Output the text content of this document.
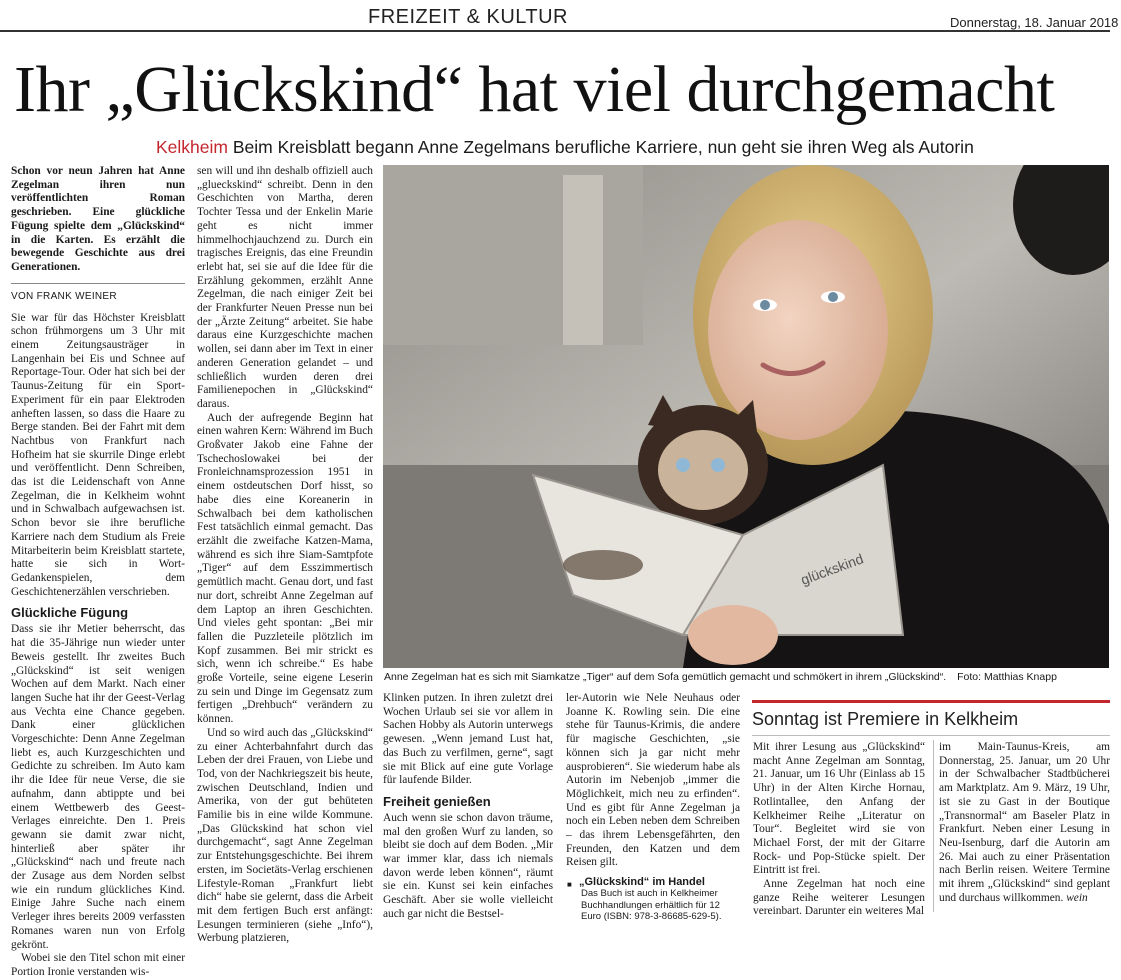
FREIZEIT & KULTUR	Donnerstag, 18. Januar 2018
Ihr „Glückskind“ hat viel durchgemacht
Kelkheim Beim Kreisblatt begann Anne Zegelmans berufliche Karriere, nun geht sie ihren Weg als Autorin

Schon vor neun Jahren hat Anne Zegelman ihren nun veröffentlichten Roman geschrieben. Eine glückliche Fügung spielte dem „Glückskind“ in die Karten. Es erzählt die bewegende Geschichte aus drei Generationen.

VON FRANK WEINER

Sie war für das Höchster Kreisblatt schon frühmorgens um 3 Uhr mit einem Zeitungsausträger in Langenhain bei Eis und Schnee auf Reportage-Tour. Oder hat sich bei der Taunus-Zeitung für ein Sport-Experiment für ein paar Elektroden anheften lassen, so dass die Haare zu Berge standen. Bei der Fahrt mit dem Nachtbus von Frankfurt nach Hofheim hat sie skurrile Dinge erlebt und veröffentlicht. Denn Schreiben, das ist die Leidenschaft von Anne Zegelman, die in Kelkheim wohnt und in Schwalbach aufgewachsen ist. Schon bevor sie ihre berufliche Karriere nach dem Studium als Freie Mitarbeiterin beim Kreisblatt startete, hatte sie sich in Wort-Gedankenspielen, dem Geschichtenerzählen verschrieben.

Glückliche Fügung

Dass sie ihr Metier beherrscht, das hat die 35-Jährige nun wieder unter Beweis gestellt. Ihr zweites Buch „Glückskind“ ist seit wenigen Wochen auf dem Markt. Nach einer langen Suche hat ihr der Geest-Verlag aus Vechta eine Chance gegeben. Dank einer glücklichen Vorgeschichte: Denn Anne Zegelman liebt es, auch Kurzgeschichten und Gedichte zu schreiben. Im Auto kam ihr die Idee für neue Verse, die sie aufnahm, dann abtippte und bei einem Wettbewerb des Geest-Verlages einreichte. Den 1. Preis gewann sie damit zwar nicht, hinterließ aber später ihr „Glückskind“ nach und freute nach der Zusage aus dem Norden selbst wie ein rundum glückliches Kind. Einige Jahre Suche nach einem Verleger ihres bereits 2009 verfassten Romanes waren nun von Erfolg gekrönt.

Wobei sie den Titel schon mit einer Portion Ironie verstanden wis-

sen will und ihn deshalb offiziell auch „glueckskind“ schreibt. Denn in den Geschichten von Martha, deren Tochter Tessa und der Enkelin Marie geht es nicht immer himmelhochjauchzend zu. Durch ein tragisches Ereignis, das eine Freundin erlebt hat, sei sie auf die Idee für die Erzählung gekommen, erzählt Anne Zegelman, die nach einiger Zeit bei der Frankfurter Neuen Presse nun bei der „Ärzte Zeitung“ arbeitet. Sie habe daraus eine Kurzgeschichte machen wollen, sei dann aber im Text in einer anderen Generation gelandet – und schließlich wurden deren drei Familienepochen in „Glückskind“ daraus.

Auch der aufregende Beginn hat einen wahren Kern: Während im Buch Großvater Jakob eine Fahne der Tschechoslowakei bei der Fronleichnamsprozession 1951 in einem ostdeutschen Dorf hisst, so habe dies eine Koreanerin in Schwalbach bei dem katholischen Fest tatsächlich einmal gemacht. Das erzählt die zweifache Katzen-Mama, während es sich ihre Siam-Samtpfote „Tiger“ auf dem Esszimmertisch gemütlich macht. Genau dort, und fast nur dort, schreibt Anne Zegelman auf dem Laptop an ihren Geschichten. Und vieles geht spontan: „Bei mir fallen die Puzzleteile plötzlich im Kopf zusammen. Bei mir strickt es sich, wenn ich schreibe.“ Es habe große Vorteile, seine eigene Leserin zu sein und Dinge im Gegensatz zum fertigen „Drehbuch“ verändern zu können.

Und so wird auch das „Glückskind“ zu einer Achterbahnfahrt durch das Leben der drei Frauen, von Liebe und Tod, von der Nachkriegszeit bis heute, zwischen Deutschland, Indien und Amerika, von der gut behüteten Familie bis in eine wilde Kommune. „Das Glückskind hat schon viel durchgemacht“, sagt Anne Zegelman zur Entstehungsgeschichte. Bei ihrem ersten, im Societäts-Verlag erschienen Lifestyle-Roman „Frankfurt liebt dich“ habe sie gelernt, dass die Arbeit mit dem fertigen Buch erst anfängt: Lesungen terminieren (siehe „Info“), Werbung platzieren,

glückskind
Anne Zegelman hat es sich mit Siamkatze „Tiger“ auf dem Sofa gemütlich gemacht und schmökert in ihrem „Glückskind“. Foto: Matthias Knapp

Klinken putzen. In ihren zuletzt drei Wochen Urlaub sei sie vor allem in Sachen Hobby als Autorin unterwegs gewesen. „Wenn jemand Lust hat, das Buch zu verfilmen, gerne“, sagt sie mit Blick auf eine gute Vorlage für laufende Bilder.

Freiheit genießen

Auch wenn sie schon davon träume, mal den großen Wurf zu landen, so bleibt sie doch auf dem Boden. „Mir war immer klar, dass ich niemals davon werde leben können“, räumt sie ein. Kunst sei kein einfaches Geschäft. Aber sie wolle vielleicht auch gar nicht die Bestsel-

ler-Autorin wie Nele Neuhaus oder Joanne K. Rowling sein. Die eine stehe für Taunus-Krimis, die andere für magische Geschichten, „sie können sich ja gar nicht mehr ausprobieren“. Sie wiederum habe als Autorin im Nebenjob „immer die Möglichkeit, mich neu zu erfinden“. Und es gibt für Anne Zegelman ja noch ein Leben neben dem Schreiben – das ihrem Lebensgefährten, den Freunden, den Katzen und dem Reisen gilt.

■ „Glückskind“ im Handel
Das Buch ist auch in Kelkheimer Buchhandlungen erhältlich für 12 Euro (ISBN: 978-3-86685-629-5).
Sonntag ist Premiere in Kelkheim

Mit ihrer Lesung aus „Glückskind“ macht Anne Zegelman am Sonntag, 21. Januar, um 16 Uhr (Einlass ab 15 Uhr) in der Alten Kirche Hornau, Rotlintallee, den Anfang der Kelkheimer Reihe „Literatur on Tour“. Begleitet wird sie von Michael Forst, der mit der Gitarre Rock- und Pop-Stücke spielt. Der Eintritt ist frei.

Anne Zegelman hat noch eine ganze Reihe weiterer Lesungen vereinbart. Darunter ein weiteres Mal

im Main-Taunus-Kreis, am Donnerstag, 25. Januar, um 20 Uhr in der Schwalbacher Stadtbücherei am Marktplatz. Am 9. März, 19 Uhr, ist sie zu Gast in der Boutique „Transnormal“ am Baseler Platz in Frankfurt. Neben einer Lesung in Neu-Isenburg, darf die Autorin am 26. Mai auch zu einer Präsentation nach Berlin reisen. Weitere Termine mit ihrem „Glückskind“ sind geplant und durchaus willkommen. wein
